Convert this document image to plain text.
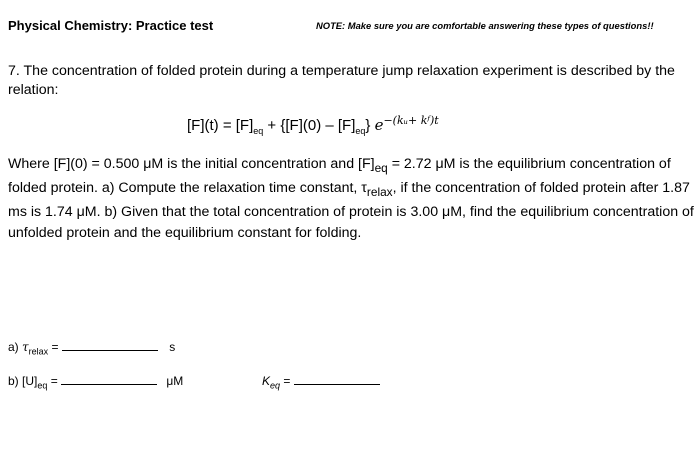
Physical Chemistry: Practice test	NOTE: Make sure you are comfortable answering these types of questions!!
7. The concentration of folded protein during a temperature jump relaxation experiment is described by the relation:
$[F](t) = [F]_{eq} + \{[F](0) - [F]_{eq}\}$ $e^{-(kᵤ+ kᶠ)t}$
Where [F](0) = 0.500 μM is the initial concentration and $[F]_{eq} = 2.72$ μM is the equilibrium concentration of folded protein. a) Compute the relaxation time constant, $\tau_{relax}$, if the concentration of folded protein after 1.87 ms is 1.74 μM. b) Given that the total concentration of protein is 3.00 μM, find the equilibrium concentration of unfolded protein and the equilibrium constant for folding.
a) $\tau_{relax}$ =	s
b) $[U]_{eq}$ =	μM	$K_{eq}$ =
